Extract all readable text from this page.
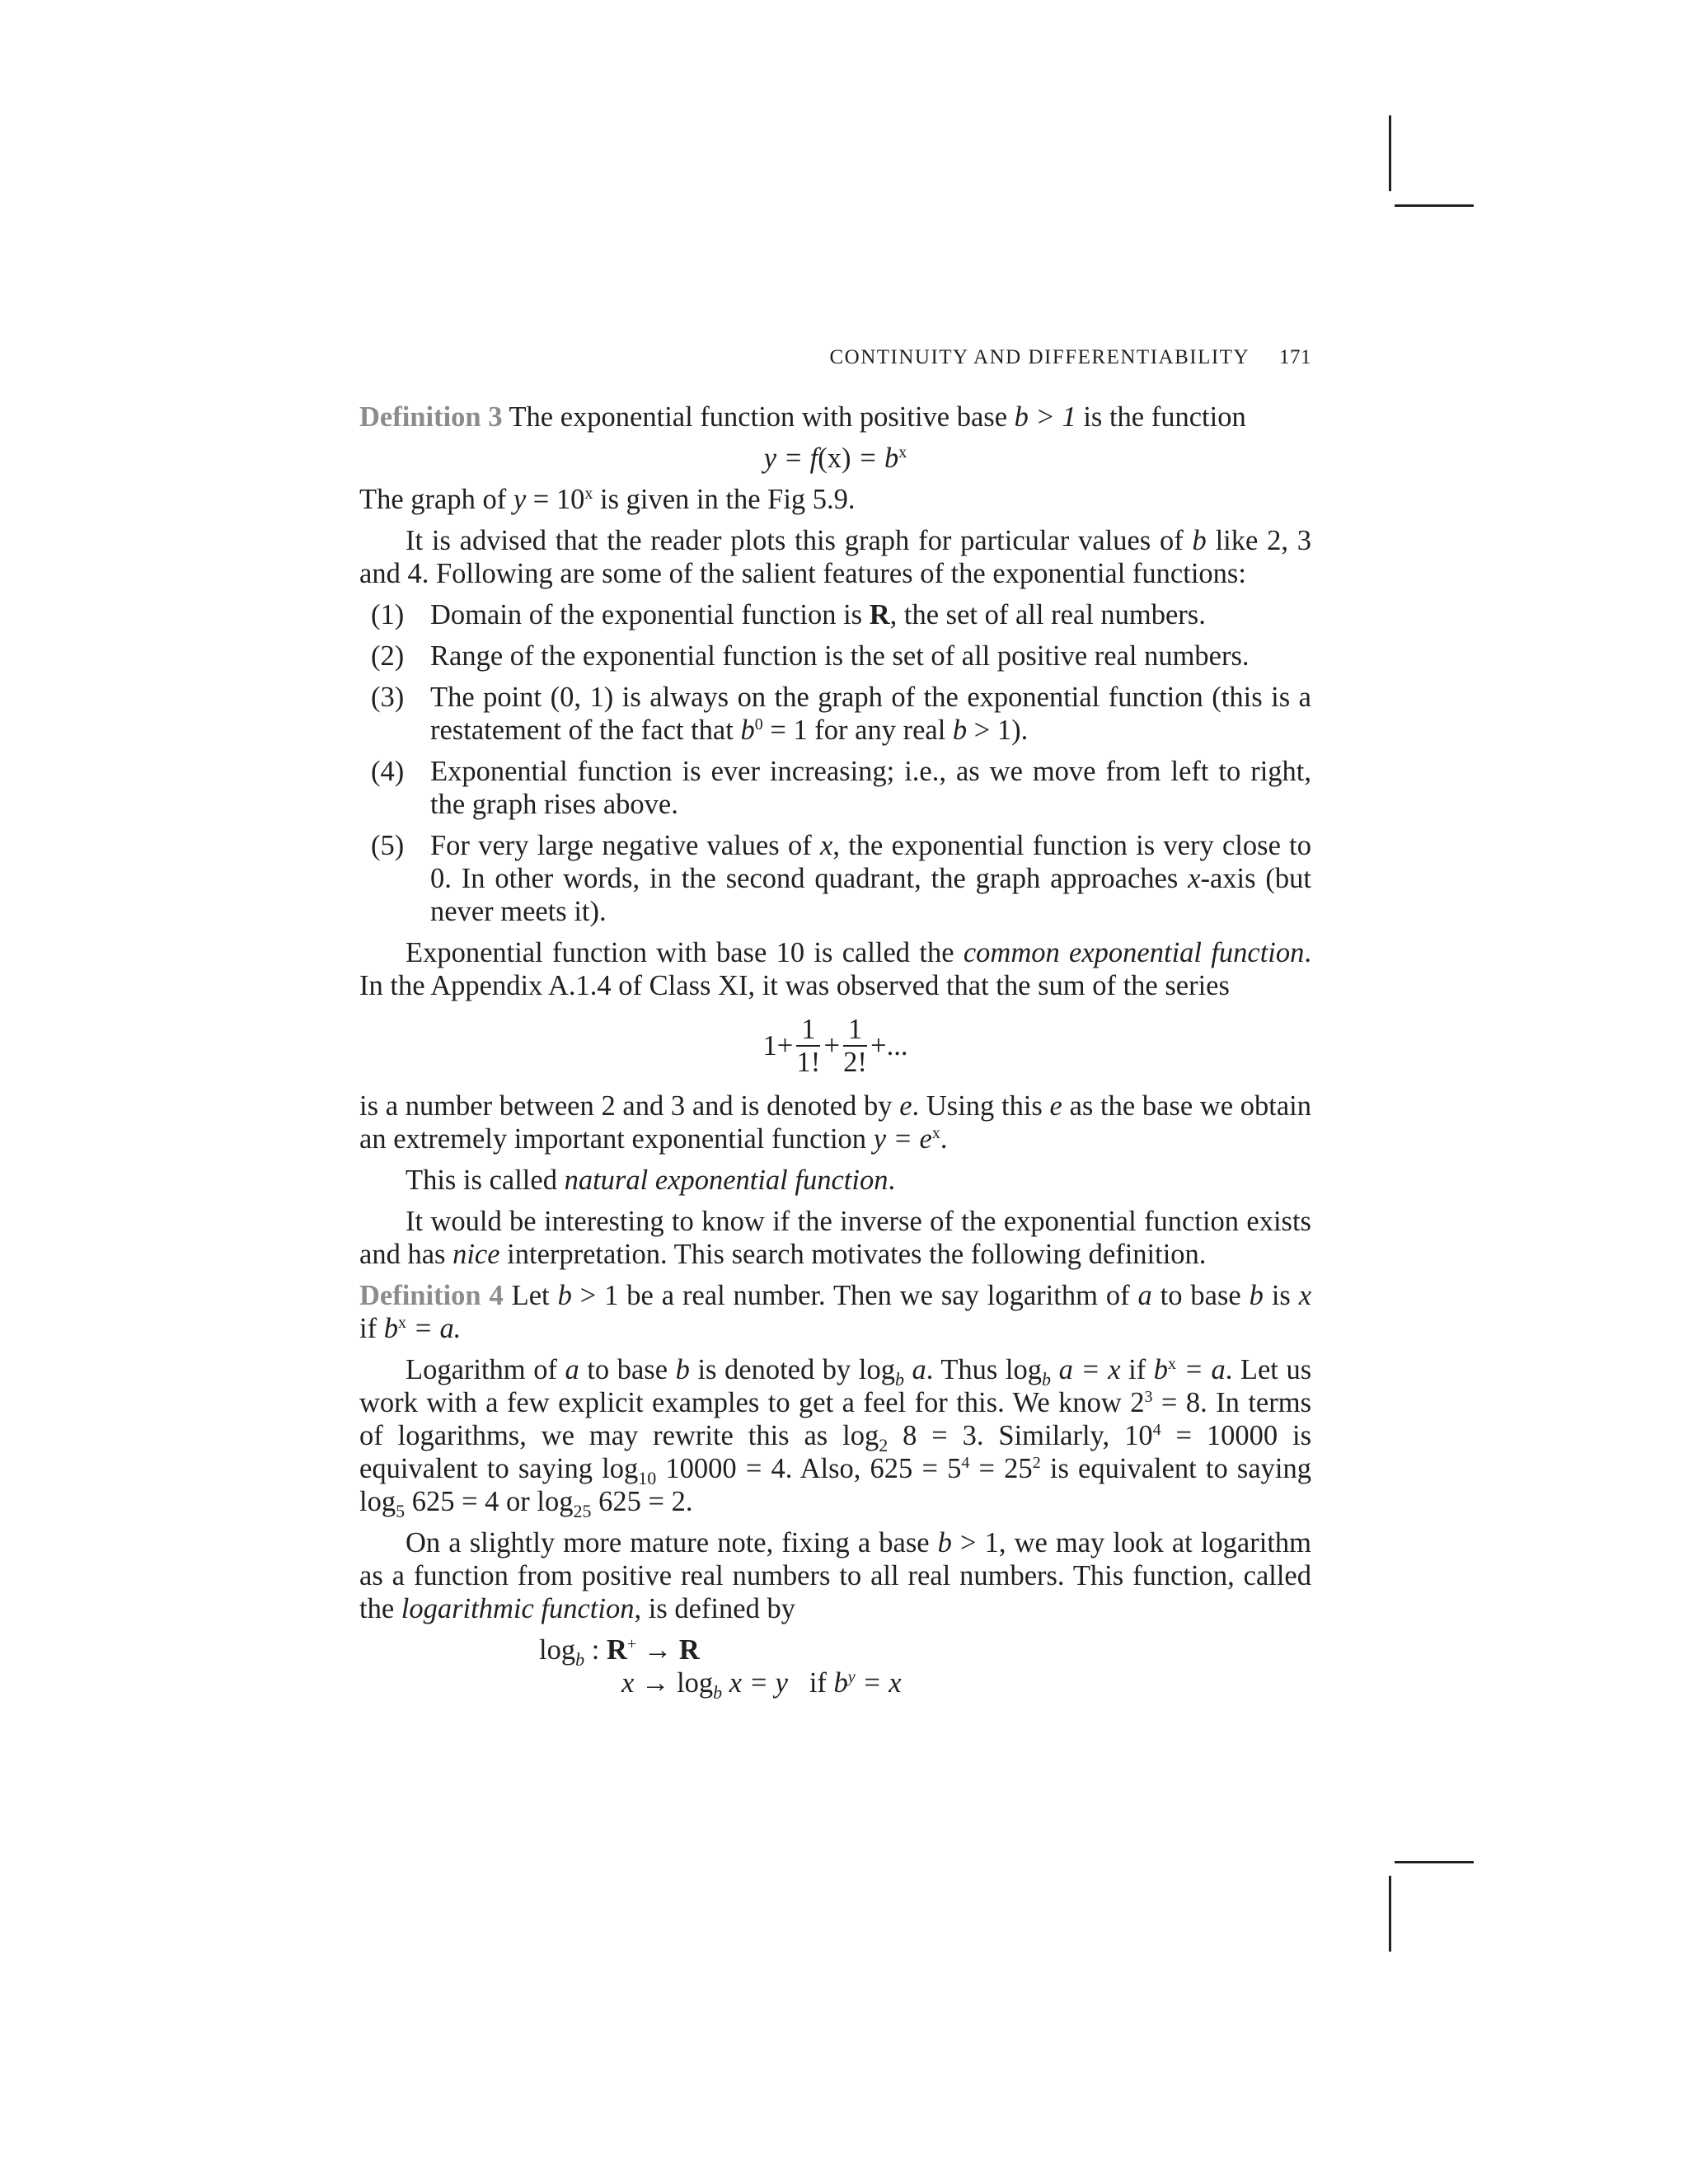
CONTINUITY AND DIFFERENTIABILITY 171

Definition 3 The exponential function with positive base b > 1 is the function

$y = f(x) = b^x$

The graph of $y = 10^x$ is given in the Fig 5.9.

It is advised that the reader plots this graph for particular values of b like 2, 3 and 4. Following are some of the salient features of the exponential functions:

(1) Domain of the exponential function is R, the set of all real numbers.
(2) Range of the exponential function is the set of all positive real numbers.
(3) The point (0, 1) is always on the graph of the exponential function (this is a restatement of the fact that $b^0 = 1$ for any real b > 1).
(4) Exponential function is ever increasing; i.e., as we move from left to right, the graph rises above.
(5) For very large negative values of x, the exponential function is very close to 0. In other words, in the second quadrant, the graph approaches x-axis (but never meets it).

Exponential function with base 10 is called the common exponential function. In the Appendix A.1.4 of Class XI, it was observed that the sum of the series

$1+ \frac{1}{1!} + \frac{1}{2!}$ +...

is a number between 2 and 3 and is denoted by e. Using this e as the base we obtain an extremely important exponential function $y = e^x$.

This is called natural exponential function.

It would be interesting to know if the inverse of the exponential function exists and has nice interpretation. This search motivates the following definition.

Definition 4 Let b > 1 be a real number. Then we say logarithm of a to base b is x if $b^x = a$.

Logarithm of a to base b is denoted by $\log_b a$. Thus $\log_b a = x$ if $b^x = a$. Let us work with a few explicit examples to get a feel for this. We know $2^3 = 8$. In terms of logarithms, we may rewrite this as $\log_2 8 = 3$. Similarly, $10^4 = 10000$ is equivalent to saying $\log_{10} 10000 = 4$. Also, $625 = 5^4 = 25^2$ is equivalent to saying $\log_5 625 = 4$ or $\log_{25} 625 = 2$.

On a slightly more mature note, fixing a base b > 1, we may look at logarithm as a function from positive real numbers to all real numbers. This function, called the logarithmic function, is defined by

$\log_b$ : R+ → R
$x \to \log_b x = y$ if $b^y = x$
